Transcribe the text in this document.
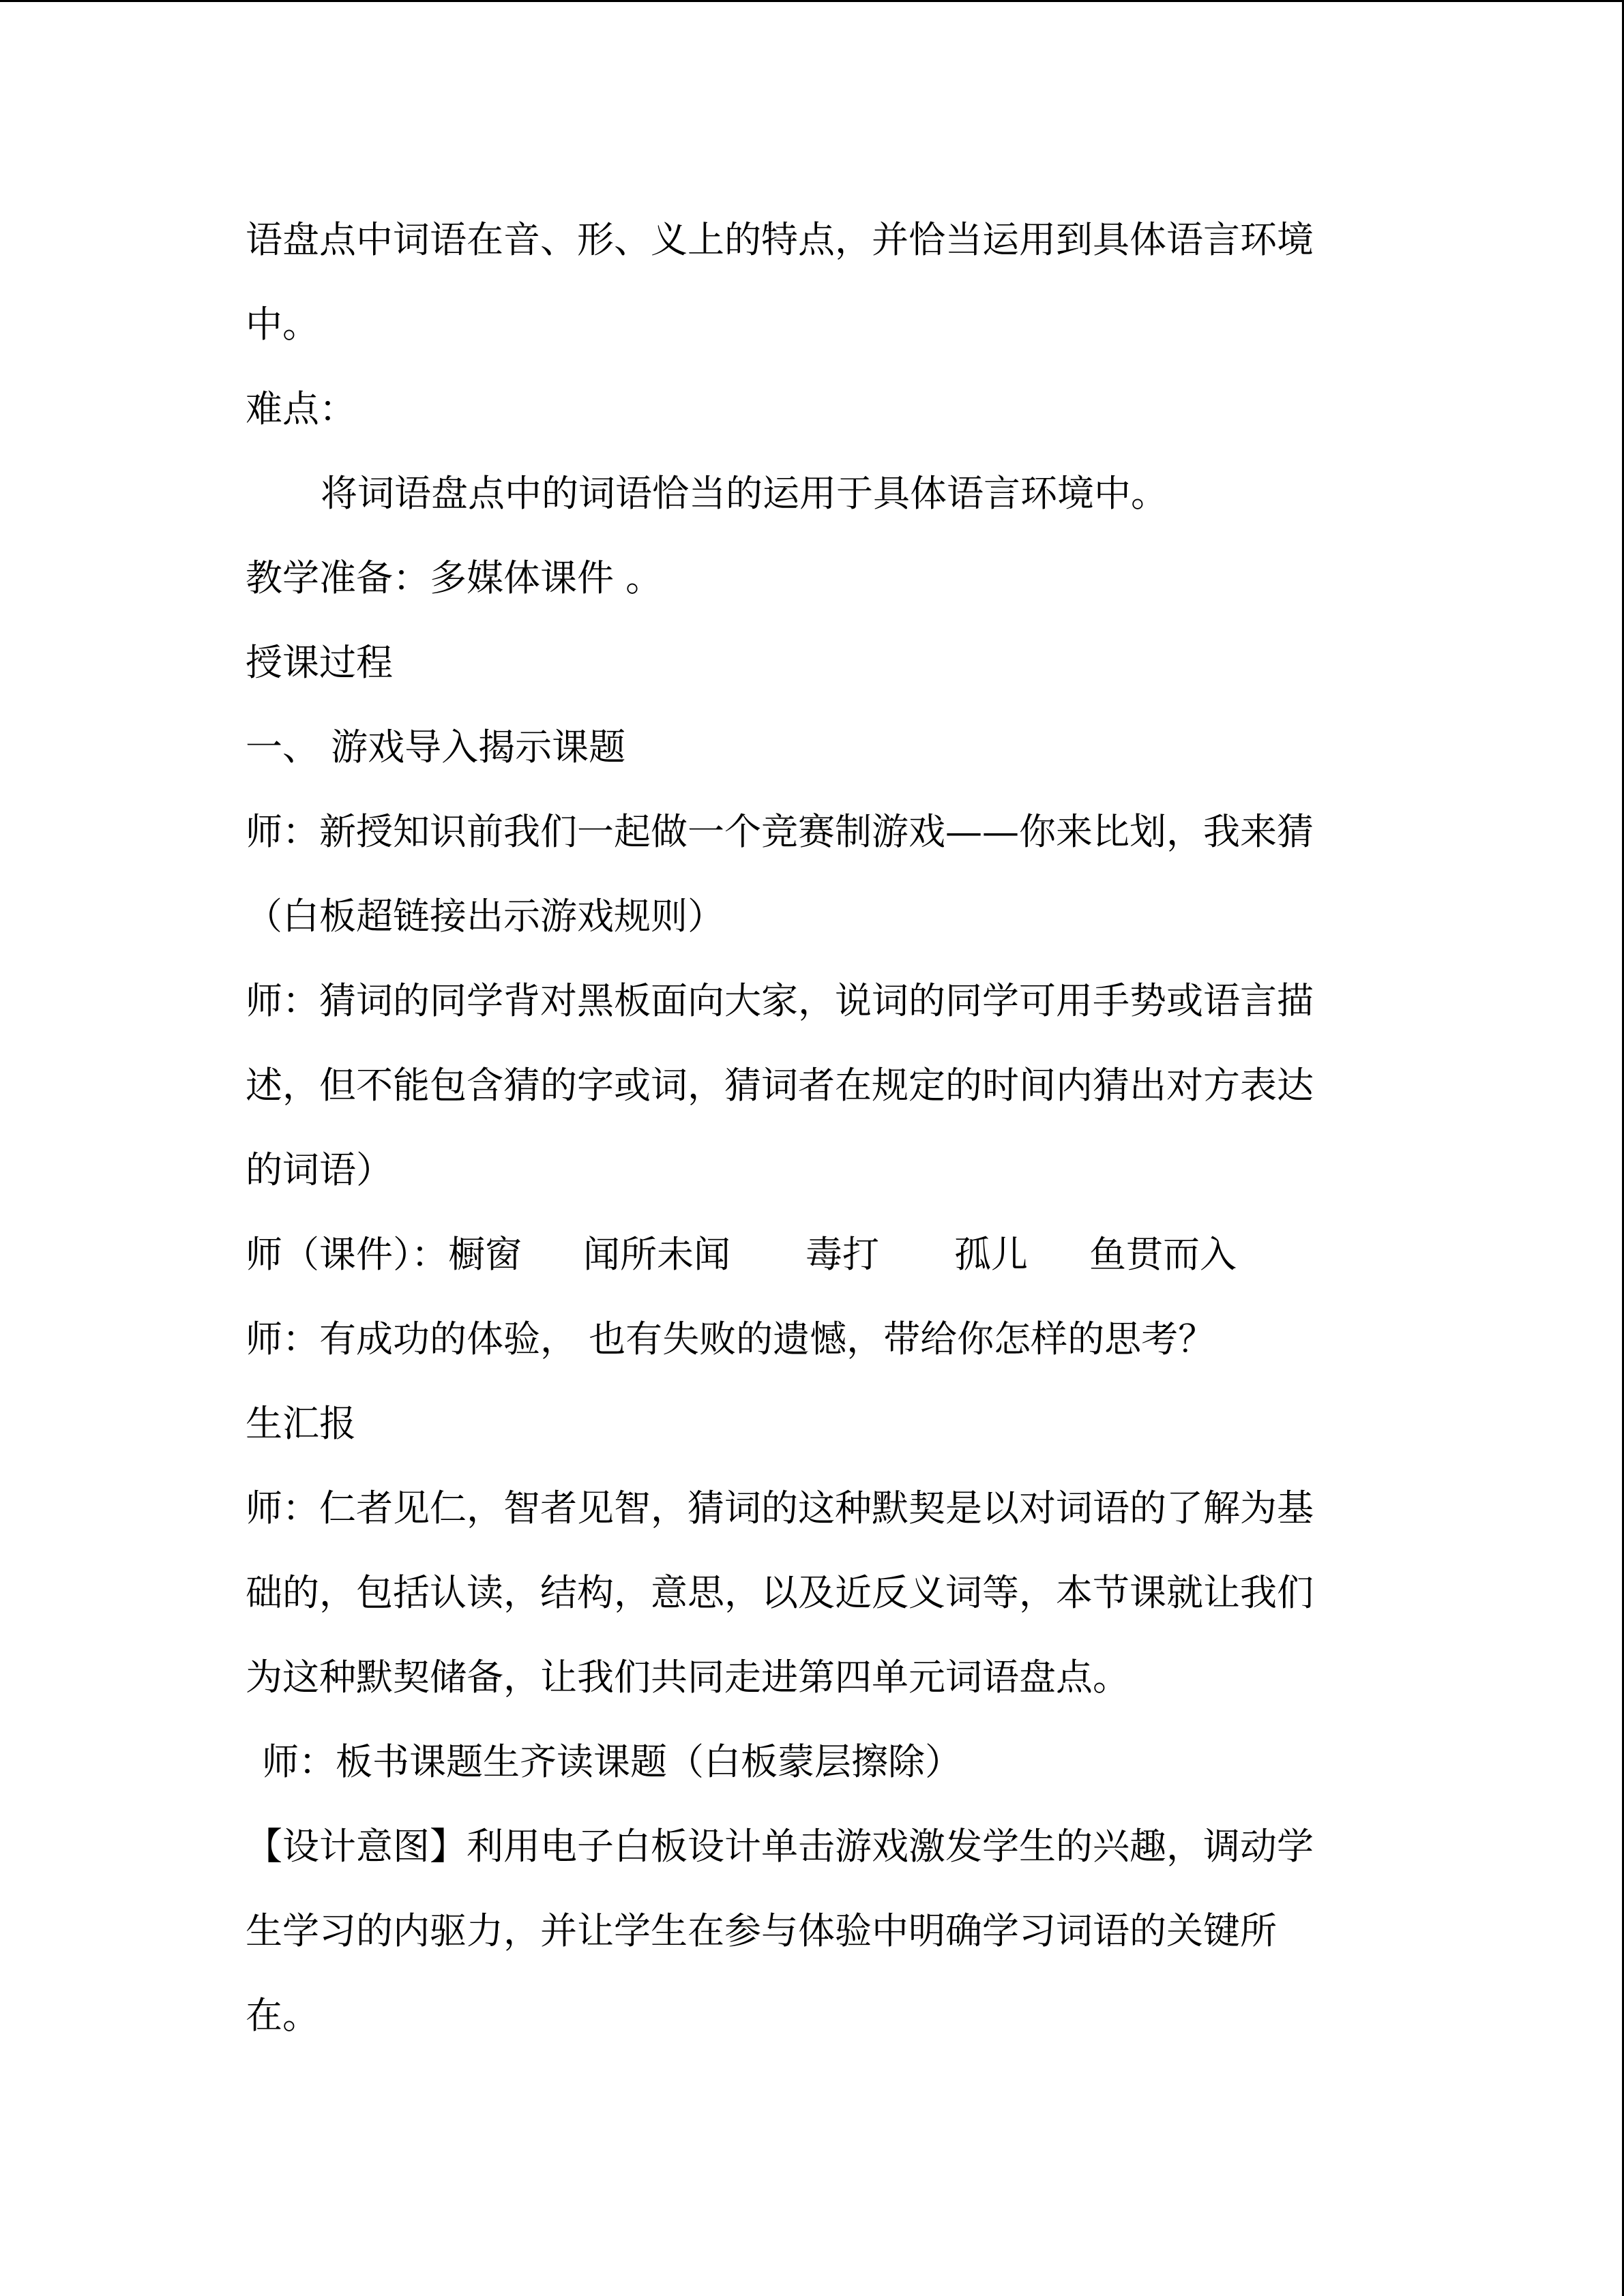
语盘点中词语在音、形、义上的特点，并恰当运用到具体语言环境

中。

难点：

将词语盘点中的词语恰当的运用于具体语言环境中。

教学准备：多媒体课件 。

授课过程

一、 游戏导入揭示课题

师：新授知识前我们一起做一个竞赛制游戏——你来比划，我来猜

（白板超链接出示游戏规则）

师：猜词的同学背对黑板面向大家，说词的同学可用手势或语言描

述，但不能包含猜的字或词，猜词者在规定的时间内猜出对方表达

的词语）

师（课件）：橱窗 闻所未闻 毒打 孤儿 鱼贯而入

师：有成功的体验， 也有失败的遗憾，带给你怎样的思考？

生汇报

师：仁者见仁，智者见智，猜词的这种默契是以对词语的了解为基

础的，包括认读，结构，意思，以及近反义词等，本节课就让我们

为这种默契储备，让我们共同走进第四单元词语盘点。

师：板书课题生齐读课题（白板蒙层擦除）

【设计意图】利用电子白板设计单击游戏激发学生的兴趣，调动学

生学习的内驱力，并让学生在参与体验中明确学习词语的关键所

在。
